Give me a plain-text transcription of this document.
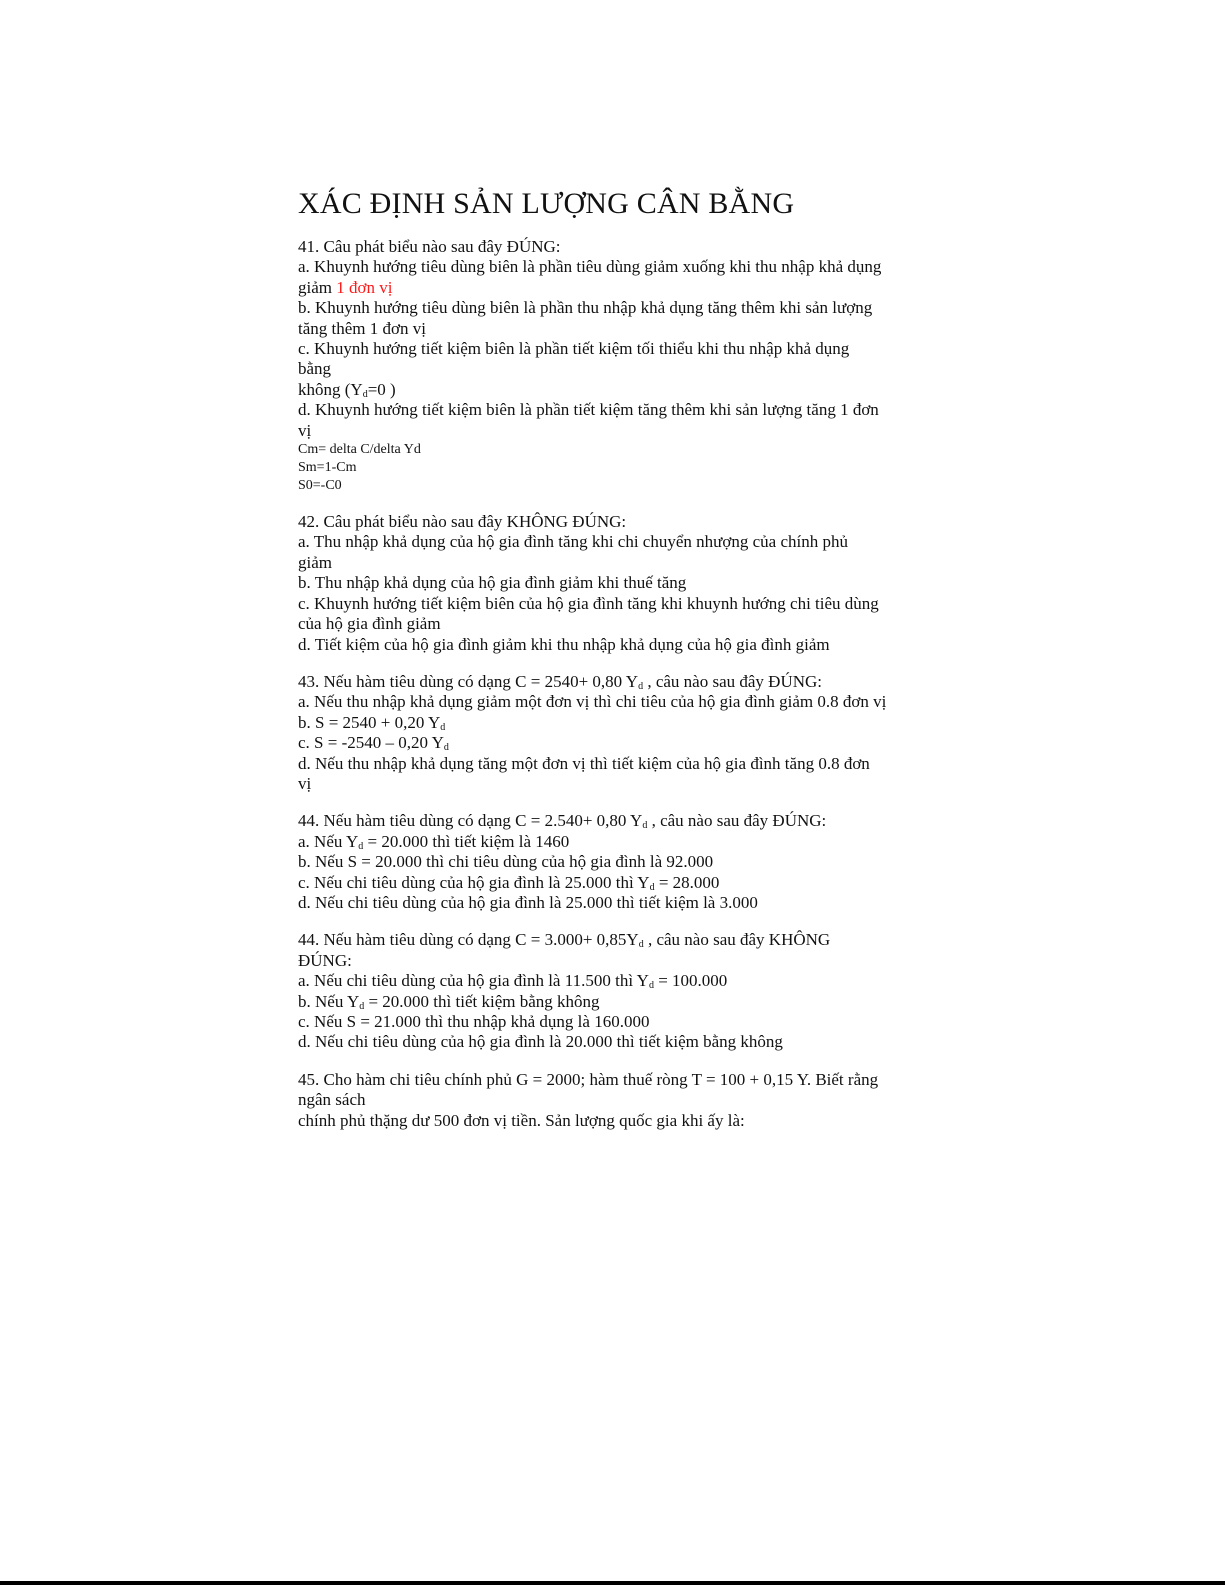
XÁC ĐỊNH SẢN LƯỢNG CÂN BẰNG
41. Câu phát biểu nào sau đây ĐÚNG:
a. Khuynh hướng tiêu dùng biên là phần tiêu dùng giảm xuống khi thu nhập khả dụng
giảm 1 đơn vị
b. Khuynh hướng tiêu dùng biên là phần thu nhập khả dụng tăng thêm khi sản lượng
tăng thêm 1 đơn vị
c. Khuynh hướng tiết kiệm biên là phần tiết kiệm tối thiểu khi thu nhập khả dụng
bằng
không ($Y_d=0$ )
d. Khuynh hướng tiết kiệm biên là phần tiết kiệm tăng thêm khi sản lượng tăng 1 đơn
vị
Cm= delta C/delta Yd
Sm=1-Cm
S0=-C0
42. Câu phát biểu nào sau đây KHÔNG ĐÚNG:
a. Thu nhập khả dụng của hộ gia đình tăng khi chi chuyển nhượng của chính phủ
giảm
b. Thu nhập khả dụng của hộ gia đình giảm khi thuế tăng
c. Khuynh hướng tiết kiệm biên của hộ gia đình tăng khi khuynh hướng chi tiêu dùng
của hộ gia đình giảm
d. Tiết kiệm của hộ gia đình giảm khi thu nhập khả dụng của hộ gia đình giảm
43. Nếu hàm tiêu dùng có dạng C = 2540+ 0,80 $Y_d$ , câu nào sau đây ĐÚNG:
a. Nếu thu nhập khả dụng giảm một đơn vị thì chi tiêu của hộ gia đình giảm 0.8 đơn vị
b. S = 2540 + 0,20 $Y_d$
c. S = -2540 – 0,20 $Y_d$
d. Nếu thu nhập khả dụng tăng một đơn vị thì tiết kiệm của hộ gia đình tăng 0.8 đơn
vị
44. Nếu hàm tiêu dùng có dạng C = 2.540+ 0,80 $Y_d$ , câu nào sau đây ĐÚNG:
a. Nếu $Y_d = 20.000$ thì tiết kiệm là 1460
b. Nếu S = 20.000 thì chi tiêu dùng của hộ gia đình là 92.000
c. Nếu chi tiêu dùng của hộ gia đình là 25.000 thì $Y_d = 28.000$
d. Nếu chi tiêu dùng của hộ gia đình là 25.000 thì tiết kiệm là 3.000
44. Nếu hàm tiêu dùng có dạng $C = 3.000+ 0,85Y_d$ , câu nào sau đây KHÔNG
ĐÚNG:
a. Nếu chi tiêu dùng của hộ gia đình là 11.500 thì $Y_d = 100.000$
b. Nếu $Y_d = 20.000$ thì tiết kiệm bằng không
c. Nếu S = 21.000 thì thu nhập khả dụng là 160.000
d. Nếu chi tiêu dùng của hộ gia đình là 20.000 thì tiết kiệm bằng không
45. Cho hàm chi tiêu chính phủ G = 2000; hàm thuế ròng T = 100 + 0,15 Y. Biết rằng
ngân sách
chính phủ thặng dư 500 đơn vị tiền. Sản lượng quốc gia khi ấy là:
